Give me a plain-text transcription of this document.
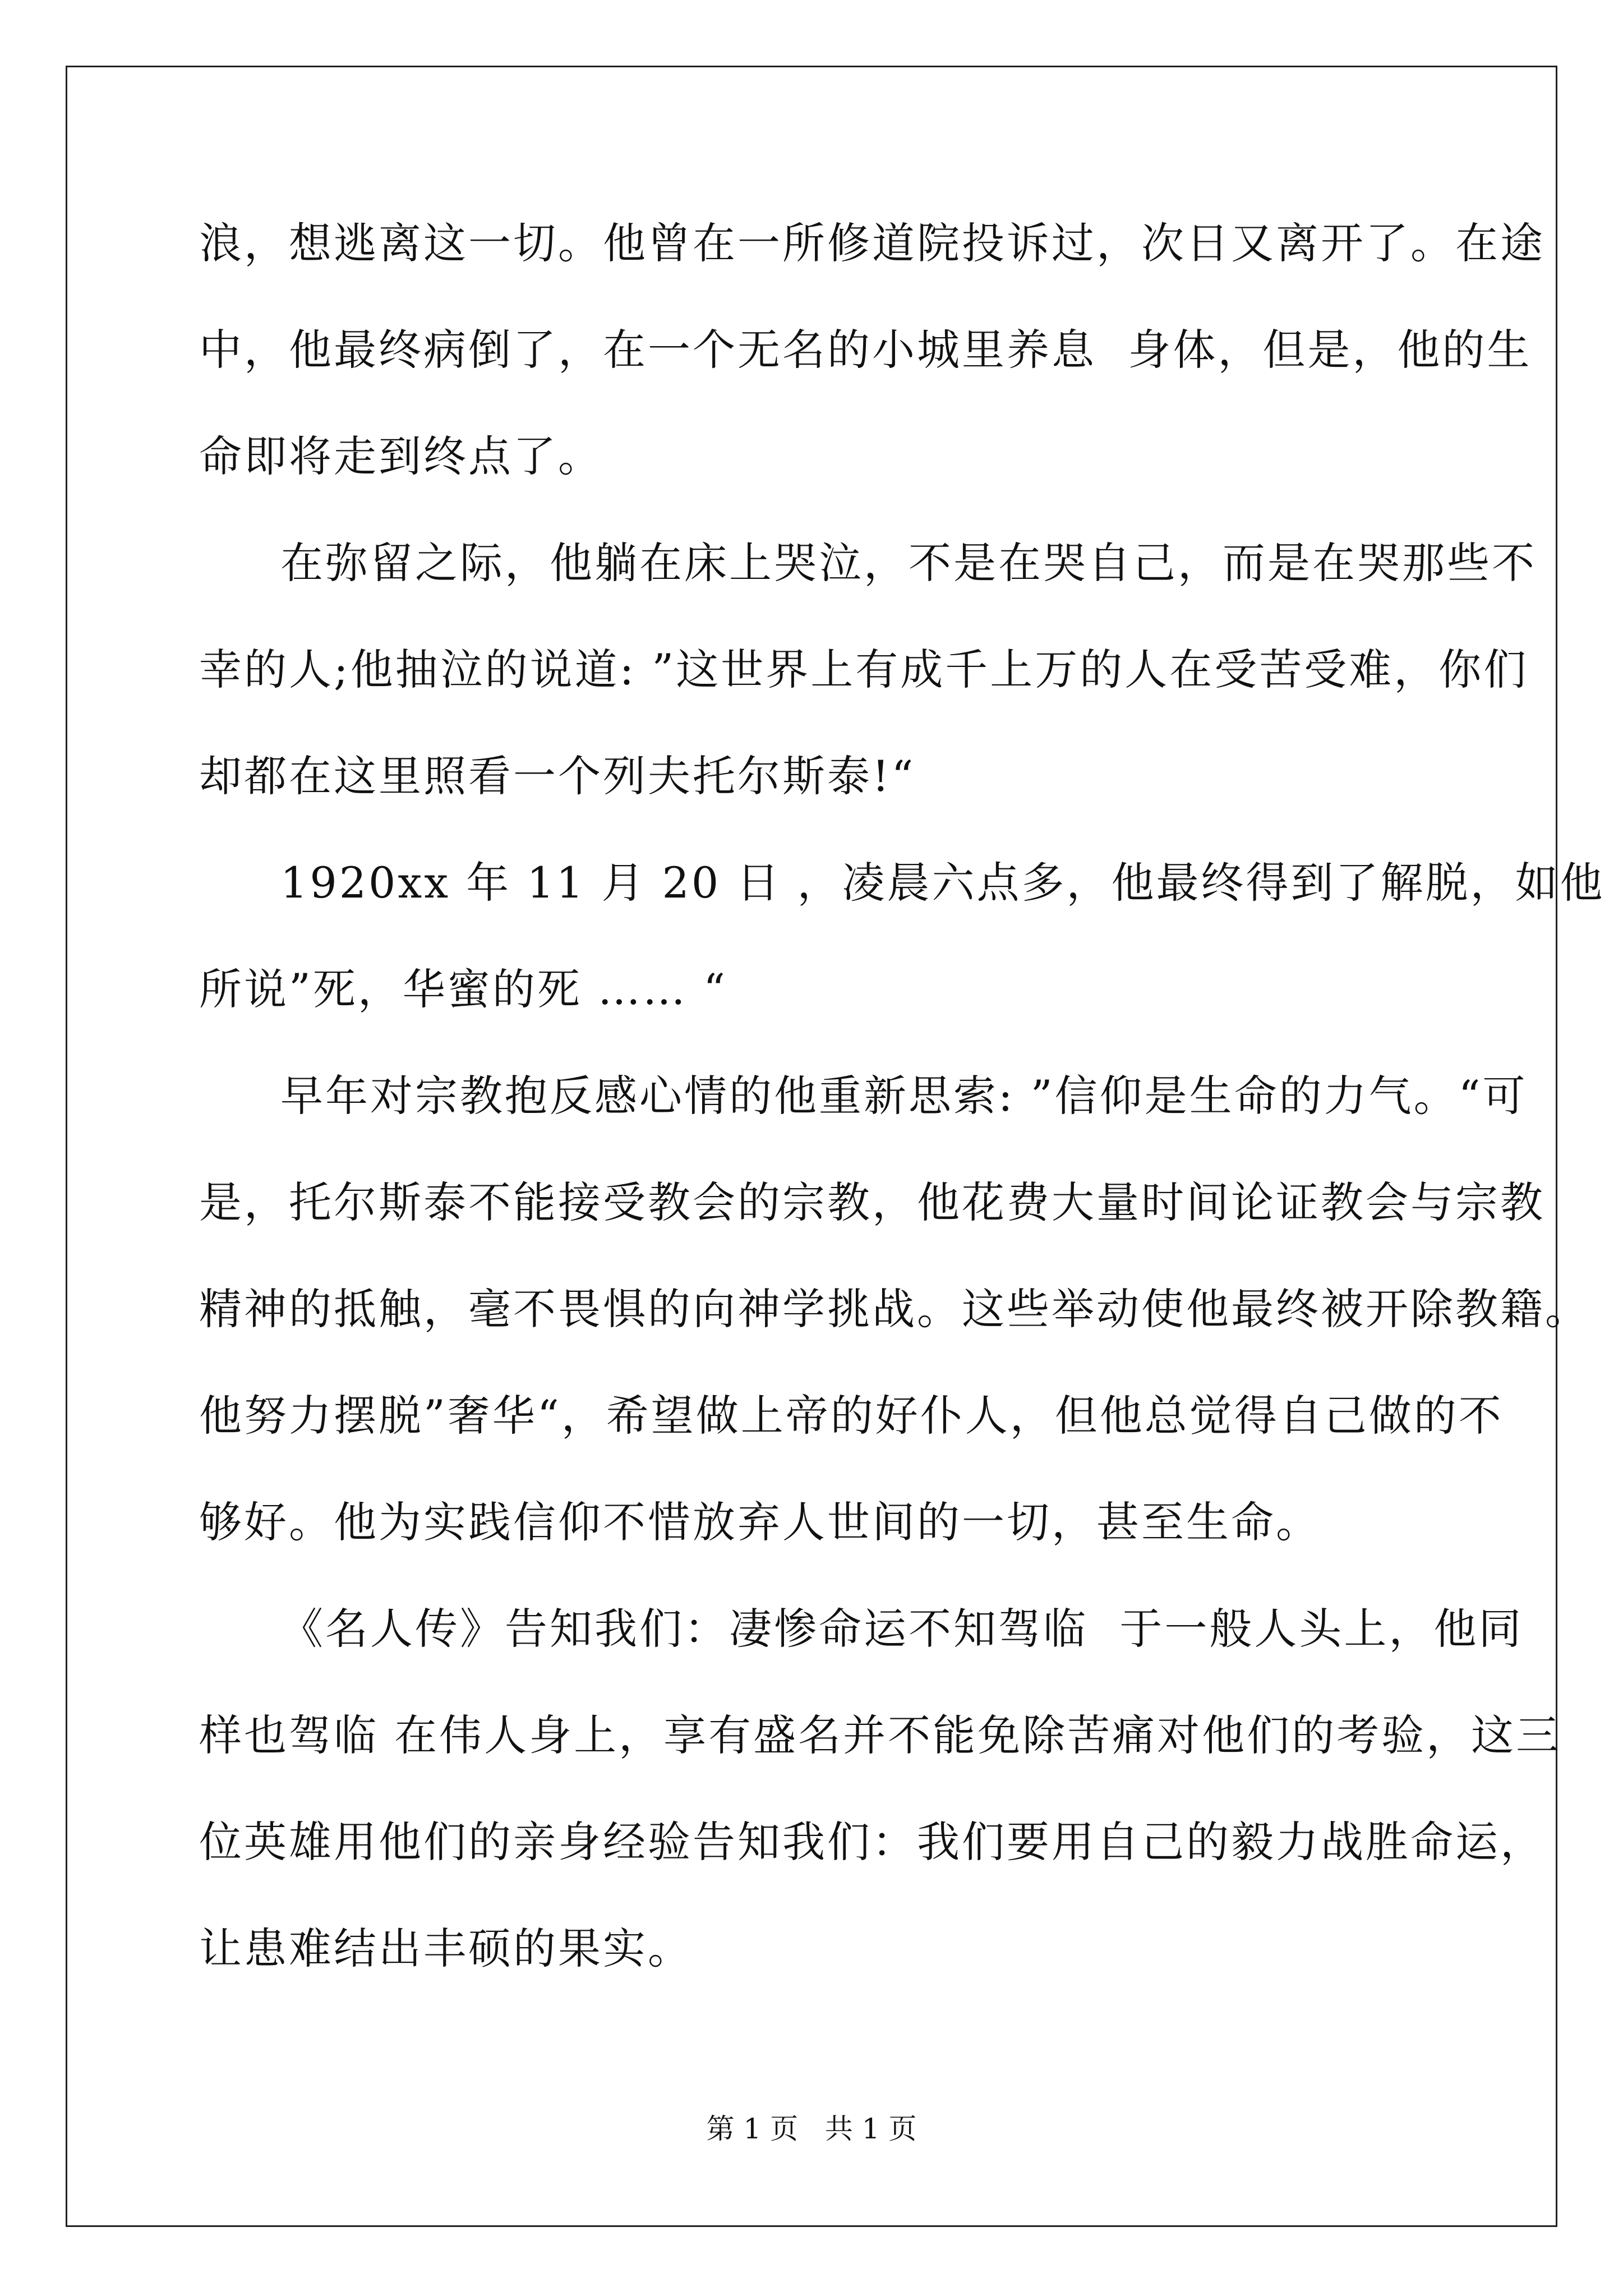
浪，想逃离这一切。他曾在一所修道院投诉过，次日又离开了。在途
中，他最终病倒了，在一个无名的小城里养息  身体，但是，他的生
命即将走到终点了。
在弥留之际，他躺在床上哭泣，不是在哭自己，而是在哭那些不
幸的人;他抽泣的说道: ”这世界上有成千上万的人在受苦受难，你们
却都在这里照看一个列夫托尔斯泰!“
1920xx 年 11 月 20 日 ，凌晨六点多，他最终得到了解脱，如他
所说”死，华蜜的死 …… “
早年对宗教抱反感心情的他重新思索: ”信仰是生命的力气。“可
是，托尔斯泰不能接受教会的宗教，他花费大量时间论证教会与宗教
精神的抵触，毫不畏惧的向神学挑战。这些举动使他最终被开除教籍。
他努力摆脱”奢华“，希望做上帝的好仆人，但他总觉得自己做的不
够好。他为实践信仰不惜放弃人世间的一切，甚至生命。
《名人传》告知我们：凄惨命运不知驾临  于一般人头上，他同
样也驾临 在伟人身上，享有盛名并不能免除苦痛对他们的考验，这三
位英雄用他们的亲身经验告知我们：我们要用自己的毅力战胜命运，
让患难结出丰硕的果实。
第 1 页   共 1 页
